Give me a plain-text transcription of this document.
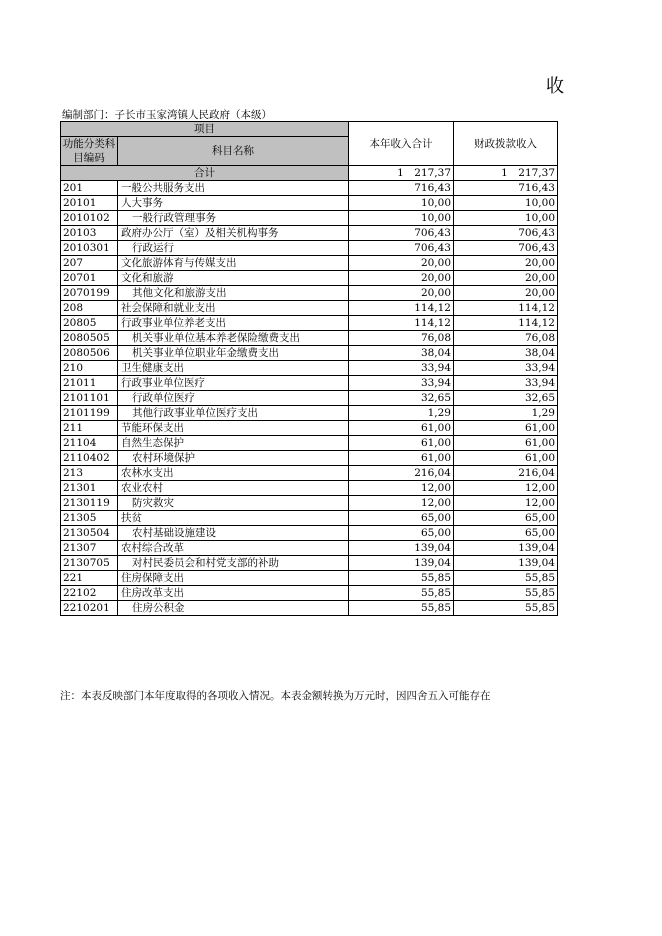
收
编制部门：子长市玉家湾镇人民政府（本级）
项目		本年收入合计	财政拨款收入
功能分类科目编码	科目名称		

合计		1　217,37	1　217,37
201	一般公共服务支出	716,43	716,43
20101	人大事务	10,00	10,00
2010102	一般行政管理事务	10,00	10,00
20103	政府办公厅（室）及相关机构事务	706,43	706,43
2010301	行政运行	706,43	706,43
207	文化旅游体育与传媒支出	20,00	20,00
20701	文化和旅游	20,00	20,00
2070199	其他文化和旅游支出	20,00	20,00
208	社会保障和就业支出	114,12	114,12
20805	行政事业单位养老支出	114,12	114,12
2080505	机关事业单位基本养老保险缴费支出	76,08	76,08
2080506	机关事业单位职业年金缴费支出	38,04	38,04
210	卫生健康支出	33,94	33,94
21011	行政事业单位医疗	33,94	33,94
2101101	行政单位医疗	32,65	32,65
2101199	其他行政事业单位医疗支出	1,29	1,29
211	节能环保支出	61,00	61,00
21104	自然生态保护	61,00	61,00
2110402	农村环境保护	61,00	61,00
213	农林水支出	216,04	216,04
21301	农业农村	12,00	12,00
2130119	防灾救灾	12,00	12,00
21305	扶贫	65,00	65,00
2130504	农村基础设施建设	65,00	65,00
21307	农村综合改革	139,04	139,04
2130705	对村民委员会和村党支部的补助	139,04	139,04
221	住房保障支出	55,85	55,85
22102	住房改革支出	55,85	55,85
2210201	住房公积金	55,85	55,85
注：本表反映部门本年度取得的各项收入情况。本表金额转换为万元时，因四舍五入可能存在
